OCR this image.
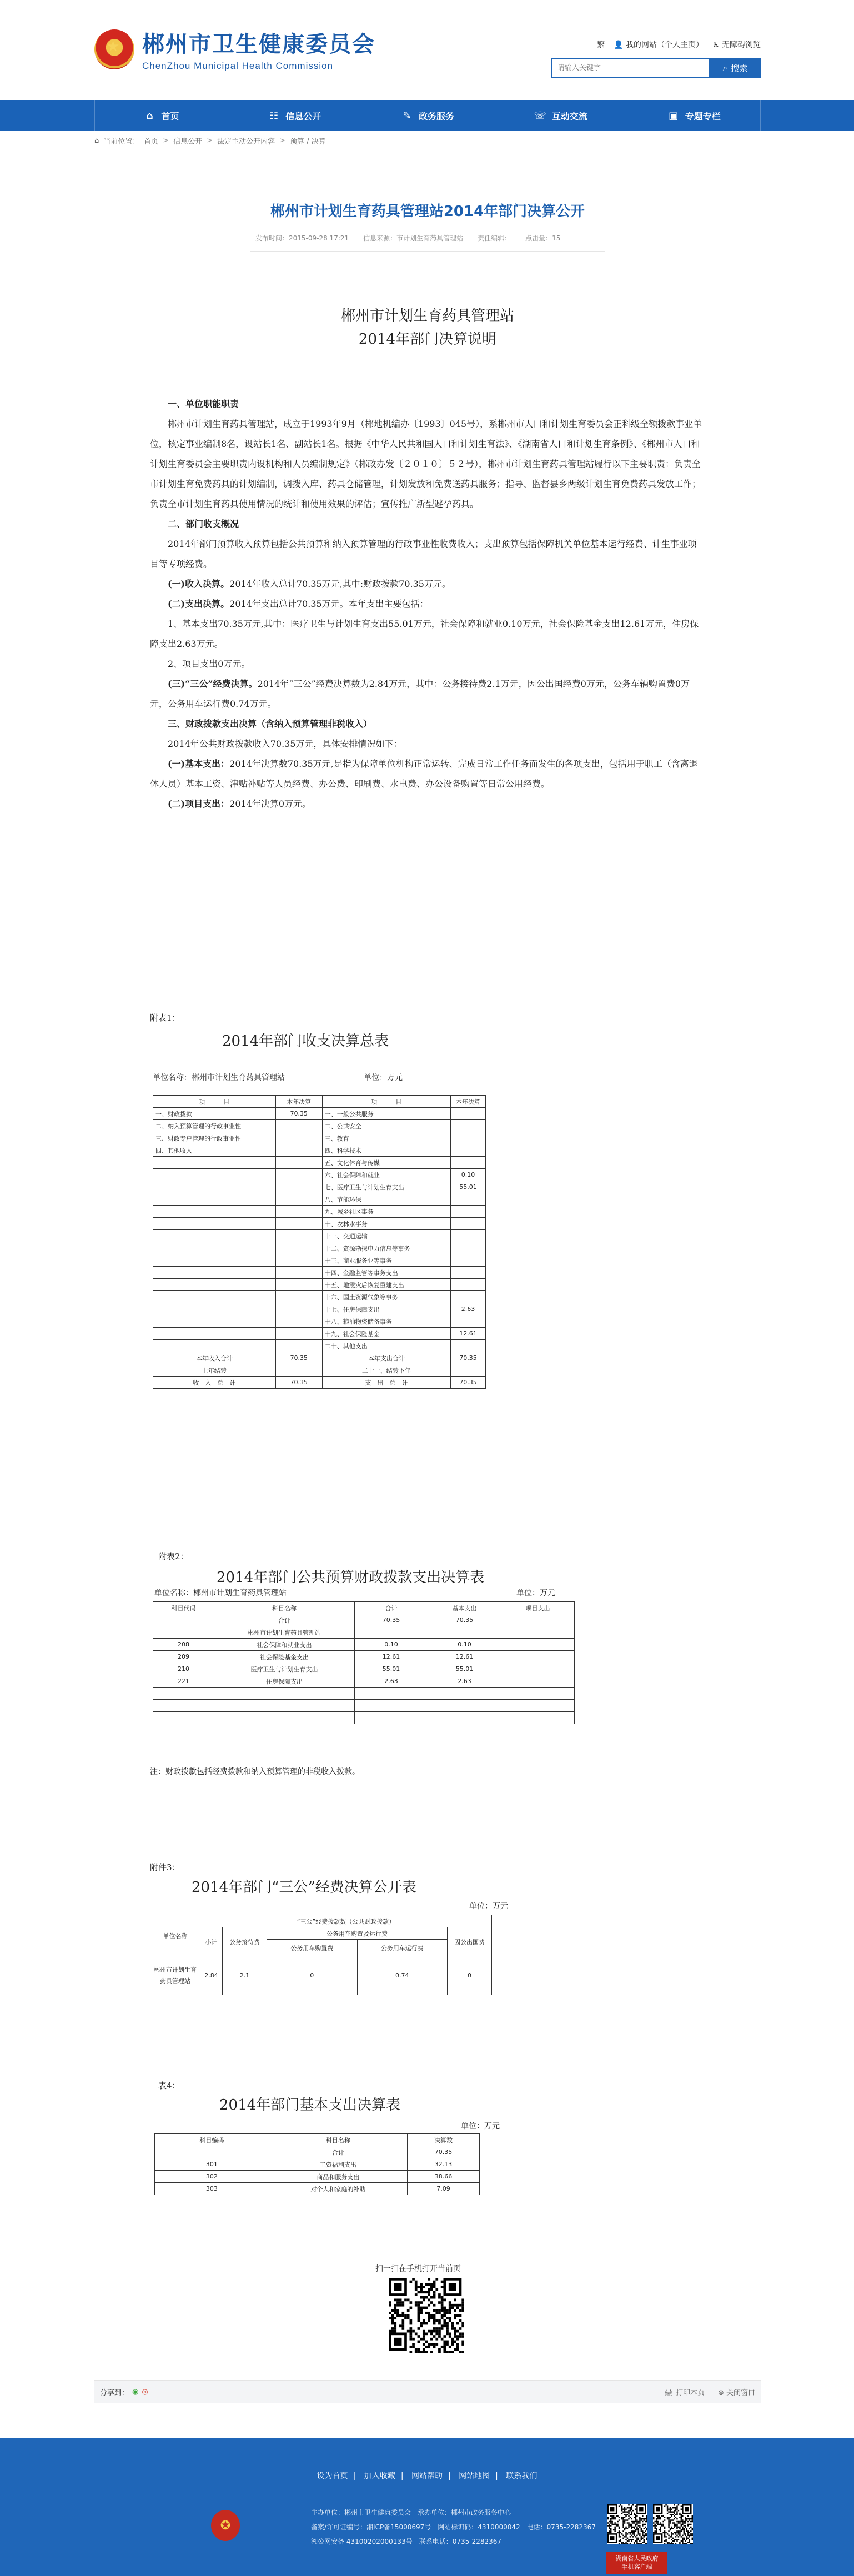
★
郴州市卫生健康委员会
ChenZhou Municipal Health Commission
繁 👤 我的网站（个人主页） ♿ 无障碍浏览
请输入关键字
⌕ 搜索
⌂ 首页	☷ 信息公开	✎ 政务服务	☏ 互动交流	▣ 专题专栏
⌂ 当前位置： 首页 > 信息公开 > 法定主动公开内容 > 预算 / 决算
郴州市计划生育药具管理站2014年部门决算公开
发布时间：2015-09-28 17:21 信息来源：市计划生育药具管理站 责任编辑： 点击量：15
郴州市计划生育药具管理站
2014年部门决算说明

一、单位职能职责

郴州市计划生育药具管理站，成立于1993年9月（郴地机编办〔1993〕045号），系郴州市人口和计划生育委员会正科级全额拨款事业单位，核定事业编制8名，设站长1名、副站长1名。根据《中华人民共和国人口和计划生育法》、《湖南省人口和计划生育条例》、《郴州市人口和计划生育委员会主要职责内设机构和人员编制规定》（郴政办发〔２０１０〕５２号），郴州市计划生育药具管理站履行以下主要职责：负责全市计划生育免费药具的计划编制，调拨入库、药具仓储管理，计划发放和免费送药具服务；指导、监督县乡两级计划生育免费药具发放工作；负责全市计划生育药具使用情况的统计和使用效果的评估；宣传推广新型避孕药具。

二、部门收支概况

2014年部门预算收入预算包括公共预算和纳入预算管理的行政事业性收费收入；支出预算包括保障机关单位基本运行经费、计生事业项目等专项经费。

(一)收入决算。2014年收入总计70.35万元,其中:财政拨款70.35万元。

(二)支出决算。2014年支出总计70.35万元。本年支出主要包括：

1、基本支出70.35万元,其中：医疗卫生与计划生育支出55.01万元，社会保障和就业0.10万元，社会保险基金支出12.61万元，住房保障支出2.63万元。

2、项目支出0万元。

(三)“三公”经费决算。2014年“三公”经费决算数为2.84万元，其中：公务接待费2.1万元，因公出国经费0万元，公务车辆购置费0万元，公务用车运行费0.74万元。

三、财政拨款支出决算（含纳入预算管理非税收入）

2014年公共财政拨款收入70.35万元，具体安排情况如下：

(一)基本支出：2014年决算数70.35万元,是指为保障单位机构正常运转、完成日常工作任务而发生的各项支出，包括用于职工（含离退休人员）基本工资、津贴补贴等人员经费、办公费、印刷费、水电费、办公设备购置等日常公用经费。

(二)项目支出：2014年决算0万元。

附表1：
2014年部门收支决算总表
单位名称：郴州市计划生育药具管理站	单位：万元
项　　　目	本年决算	项　　　目	本年决算
一、财政拨款	70.35	一、一般公共服务	
二、纳入预算管理的行政事业性		二、公共安全	
三、财政专户管理的行政事业性		三、教育	
四、其他收入		四、科学技术	
		五、文化体育与传媒	
		六、社会保障和就业	0.10
		七、医疗卫生与计划生育支出	55.01
		八、节能环保	
		九、城乡社区事务	
		十、农林水事务	
		十一、交通运输	
		十二、资源勘探电力信息等事务	
		十三、商业服务业等事务	
		十四、金融监管等事务支出	
		十五、地震灾后恢复重建支出	
		十六、国土资源气象等事务	
		十七、住房保障支出	2.63
		十八、粮油物资储备事务	
		十九、社会保险基金	12.61
		二十、其他支出	
本年收入合计	70.35	本年支出合计	70.35
上年结转		二十一、结转下年	
收　入　总　计	70.35	支　出　总　计	70.35
附表2：
2014年部门公共预算财政拨款支出决算表
单位名称：郴州市计划生育药具管理站	单位：万元
科目代码	科目名称	合计	基本支出	项目支出
	合计	70.35	70.35	
	郴州市计划生育药具管理站			
208	社会保障和就业支出	0.10	0.10	
209	社会保险基金支出	12.61	12.61	
210	医疗卫生与计划生育支出	55.01	55.01	
221	住房保障支出	2.63	2.63	

注：财政拨款包括经费拨款和纳入预算管理的非税收入拨款。
附件3：
2014年部门“三公”经费决算公开表
单位：万元
单位名称	“三公”经费拨款数（公共财政拨款）				
	小计	公务接待费	公务用车购置及运行费		因公出国费
			公务用车购置费	公务用车运行费	
郴州市计划生育药具管理站	2.84	2.1	0	0.74	0
表4：
2014年部门基本支出决算表
单位：万元
科目编码	科目名称	决算数
	合计	70.35
301	工资福利支出	32.13
302	商品和服务支出	38.66
303	对个人和家庭的补助	7.09
扫一扫在手机打开当前页
分享到： ◉ ◎	🖨 打印本页 ⊗ 关闭窗口
设为首页 | 加入收藏 | 网站帮助 | 网站地图 | 联系我们
✪
主办单位：郴州市卫生健康委员会　承办单位：郴州市政务服务中心
备案/许可证编号：湘ICP备15000697号　网站标识码：4310000042　电话：0735-2282367
湘公网安备 43100202000133号　联系电话：0735-2282367
湖南省人民政府
手机客户端
